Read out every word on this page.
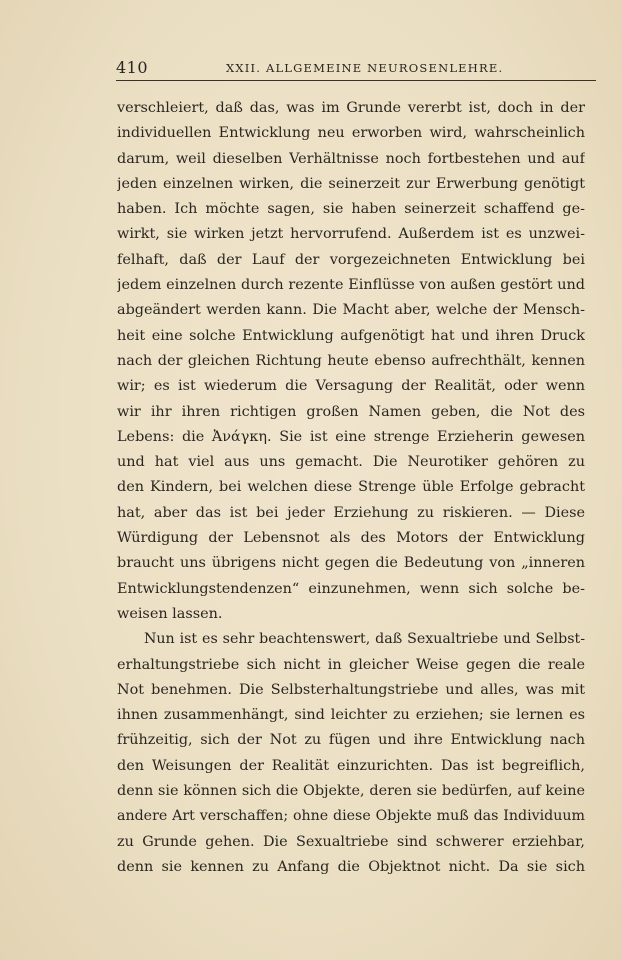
410	XXII. ALLGEMEINE NEUROSENLEHRE.
verschleiert, daß das, was im Grunde vererbt ist, doch in der
individuellen Entwicklung neu erworben wird, wahrscheinlich
darum, weil dieselben Verhältnisse noch fortbestehen und auf
jeden einzelnen wirken, die seinerzeit zur Erwerbung genötigt
haben. Ich möchte sagen, sie haben seinerzeit schaffend ge-
wirkt, sie wirken jetzt hervorrufend. Außerdem ist es unzwei-
felhaft, daß der Lauf der vorgezeichneten Entwicklung bei
jedem einzelnen durch rezente Einflüsse von außen gestört und
abgeändert werden kann. Die Macht aber, welche der Mensch-
heit eine solche Entwicklung aufgenötigt hat und ihren Druck
nach der gleichen Richtung heute ebenso aufrechthält, kennen
wir; es ist wiederum die Versagung der Realität, oder wenn
wir ihr ihren richtigen großen Namen geben, die Not des
Lebens: die Ἀνάγκη. Sie ist eine strenge Erzieherin gewesen
und hat viel aus uns gemacht. Die Neurotiker gehören zu
den Kindern, bei welchen diese Strenge üble Erfolge gebracht
hat, aber das ist bei jeder Erziehung zu riskieren. — Diese
Würdigung der Lebensnot als des Motors der Entwicklung
braucht uns übrigens nicht gegen die Bedeutung von „inneren
Entwicklungstendenzen“ einzunehmen, wenn sich solche be-
weisen lassen.
Nun ist es sehr beachtenswert, daß Sexualtriebe und Selbst-
erhaltungstriebe sich nicht in gleicher Weise gegen die reale
Not benehmen. Die Selbsterhaltungstriebe und alles, was mit
ihnen zusammenhängt, sind leichter zu erziehen; sie lernen es
frühzeitig, sich der Not zu fügen und ihre Entwicklung nach
den Weisungen der Realität einzurichten. Das ist begreiflich,
denn sie können sich die Objekte, deren sie bedürfen, auf keine
andere Art verschaffen; ohne diese Objekte muß das Individuum
zu Grunde gehen. Die Sexualtriebe sind schwerer erziehbar,
denn sie kennen zu Anfang die Objektnot nicht. Da sie sich
